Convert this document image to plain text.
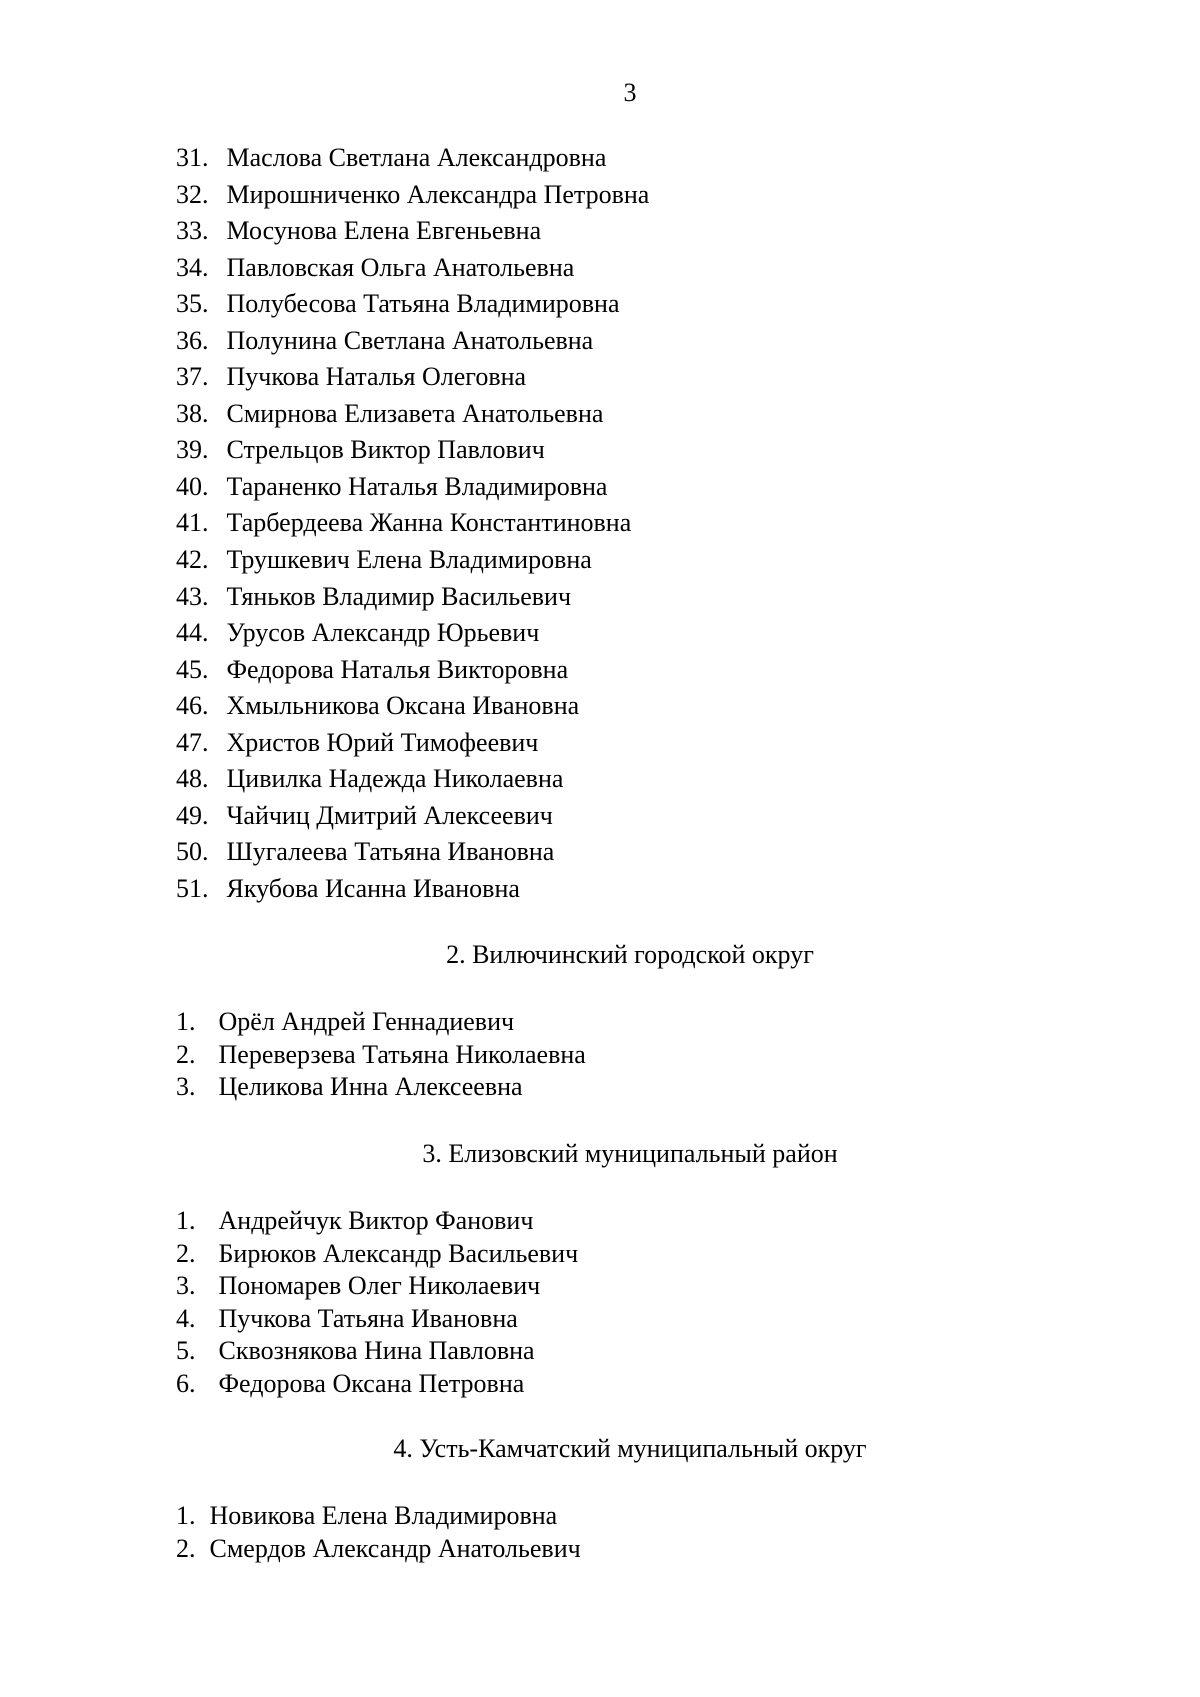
3
31. Маслова Светлана Александровна
32. Мирошниченко Александра Петровна
33. Мосунова Елена Евгеньевна
34. Павловская Ольга Анатольевна
35. Полубесова Татьяна Владимировна
36. Полунина Светлана Анатольевна
37. Пучкова Наталья Олеговна
38. Смирнова Елизавета Анатольевна
39. Стрельцов Виктор Павлович
40. Тараненко Наталья Владимировна
41. Тарбердеева Жанна Константиновна
42. Трушкевич Елена Владимировна
43. Тяньков Владимир Васильевич
44. Урусов Александр Юрьевич
45. Федорова Наталья Викторовна
46. Хмыльникова Оксана Ивановна
47. Христов Юрий Тимофеевич
48. Цивилка Надежда Николаевна
49. Чайчиц Дмитрий Алексеевич
50. Шугалеева Татьяна Ивановна
51. Якубова Исанна Ивановна
2. Вилючинский городской округ
1. Орёл Андрей Геннадиевич
2. Переверзева Татьяна Николаевна
3. Целикова Инна Алексеевна
3. Елизовский муниципальный район
1. Андрейчук Виктор Фанович
2. Бирюков Александр Васильевич
3. Пономарев Олег Николаевич
4. Пучкова Татьяна Ивановна
5. Сквознякова Нина Павловна
6. Федорова Оксана Петровна
4. Усть-Камчатский муниципальный округ
1. Новикова Елена Владимировна
2. Смердов Александр Анатольевич
